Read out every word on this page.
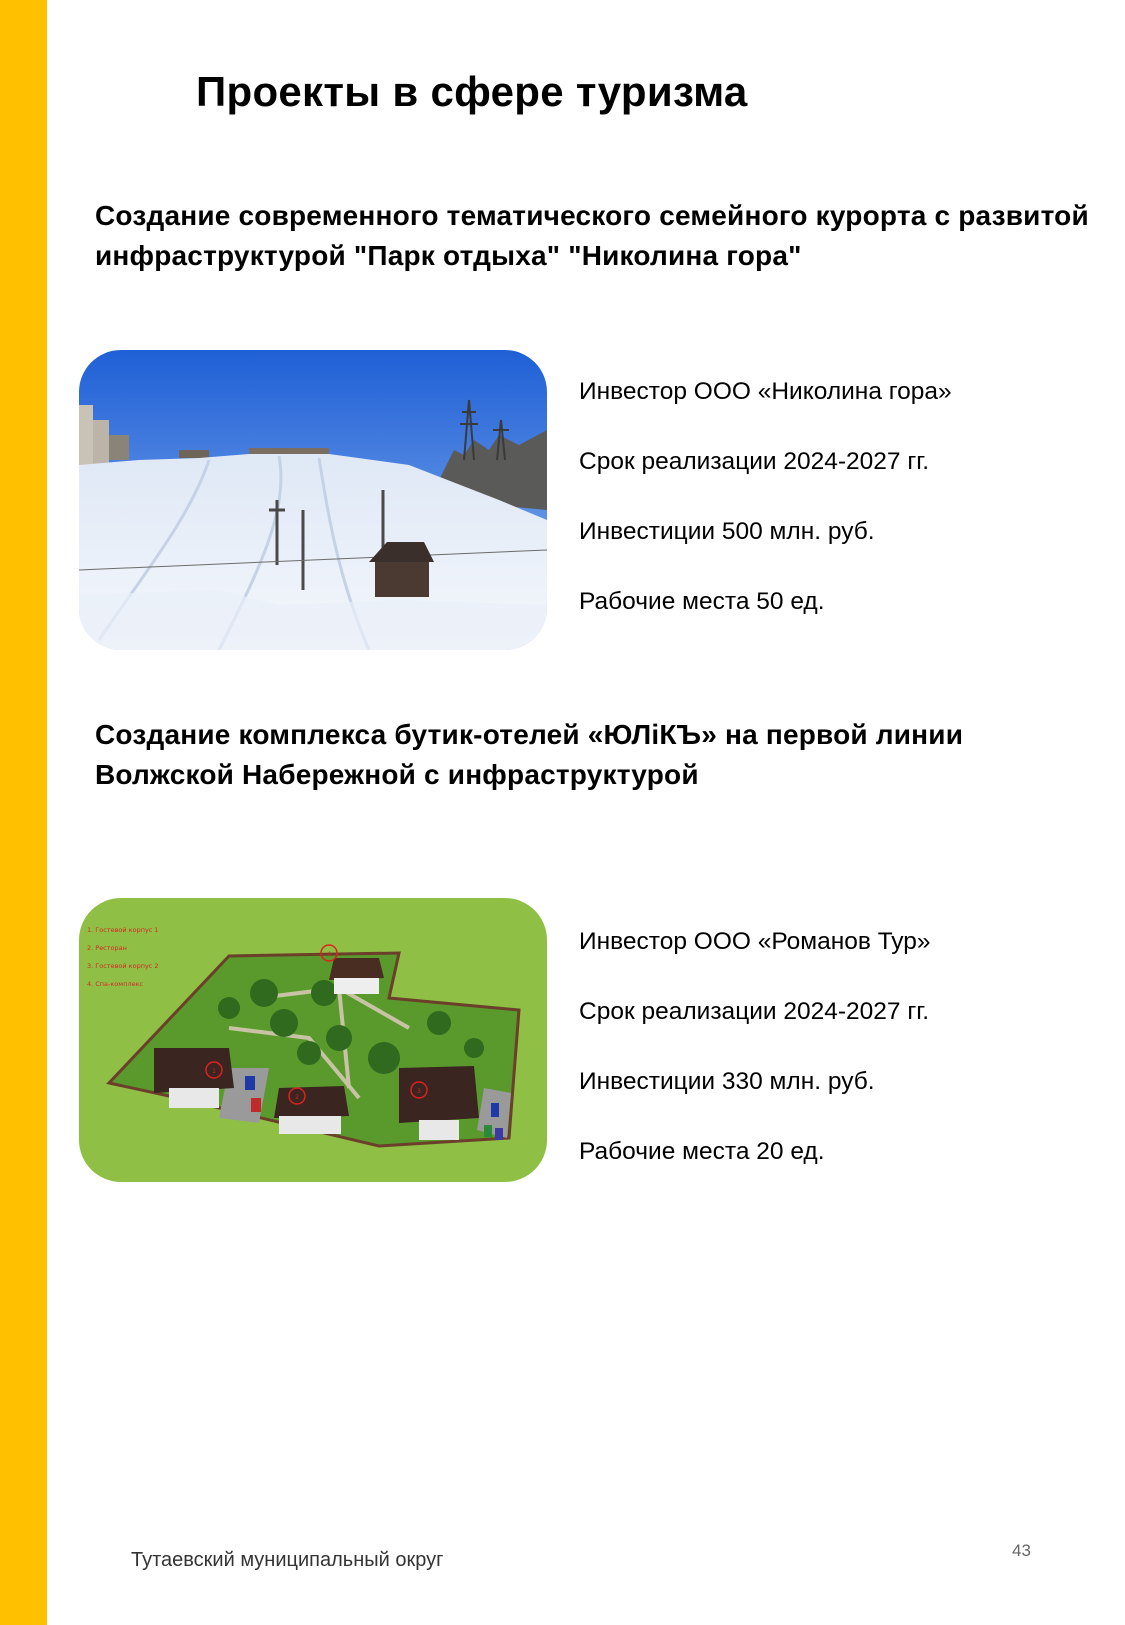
Проекты в сфере туризма
Создание современного тематического семейного курорта с развитой инфраструктурой "Парк отдыха" "Николина гора"
Инвестор ООО «Николина гора»
Срок реализации 2024-2027 гг.
Инвестиции 500 млн. руб.
Рабочие места 50 ед.
Создание комплекса бутик-отелей «ЮЛіКЪ» на первой линии Волжской Набережной с инфраструктурой
1. Гостевой корпус 1
2. Ресторан
3. Гостевой корпус 2
4. Спа-комплекс
1
2
3
4	Инвестор ООО «Романов Тур»
Срок реализации 2024-2027 гг.
Инвестиции 330 млн. руб.
Рабочие места 20 ед.
Тутаевский муниципальный округ	43
